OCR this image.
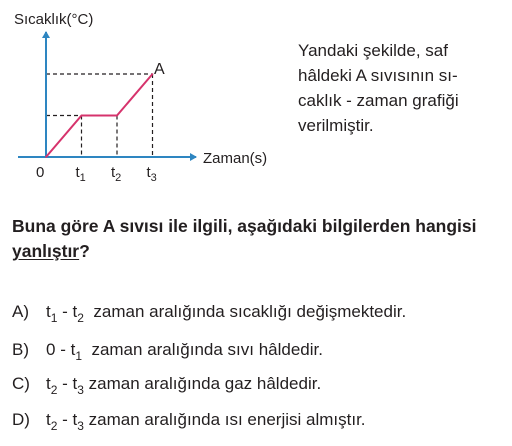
Sıcaklık(°C)
Zaman(s)
0
A
$t_1$ $t_2$ $t_3$
Yandaki şekilde, saf
hâldeki A sıvısının sı-
caklık - zaman grafiği
verilmiştir.
Buna göre A sıvısı ile ilgili, aşağıdaki bilgilerden hangisi yanlıştır?
A) $t_1 - t_2$  zaman aralığında sıcaklığı değişmektedir.
B) $0 - t_1$  zaman aralığında sıvı hâldedir.
C) $t_2 - t_3$ zaman aralığında gaz hâldedir.
D) $t_2 - t_3$ zaman aralığında ısı enerjisi almıştır.
